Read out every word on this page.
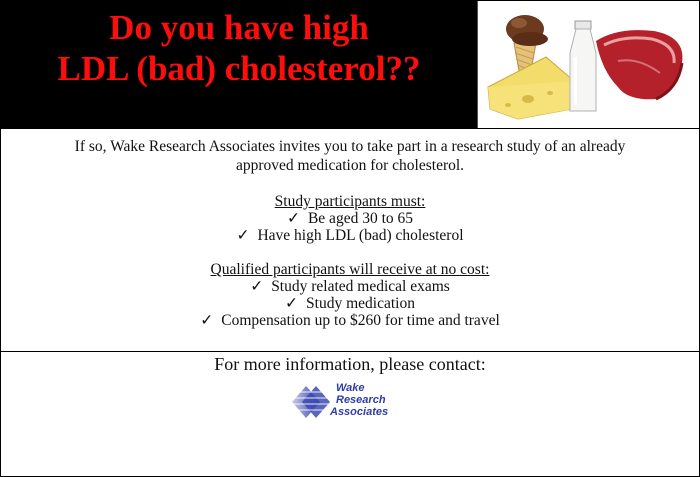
Do you have high
LDL (bad) cholesterol??
If so, Wake Research Associates invites you to take part in a research study of an already
approved medication for cholesterol.
Study participants must:
✓ Be aged 30 to 65
✓ Have high LDL (bad) cholesterol
Qualified participants will receive at no cost:
✓ Study related medical exams
✓ Study medication
✓ Compensation up to $260 for time and travel
For more information, please contact:
Wake
Research
Associates
